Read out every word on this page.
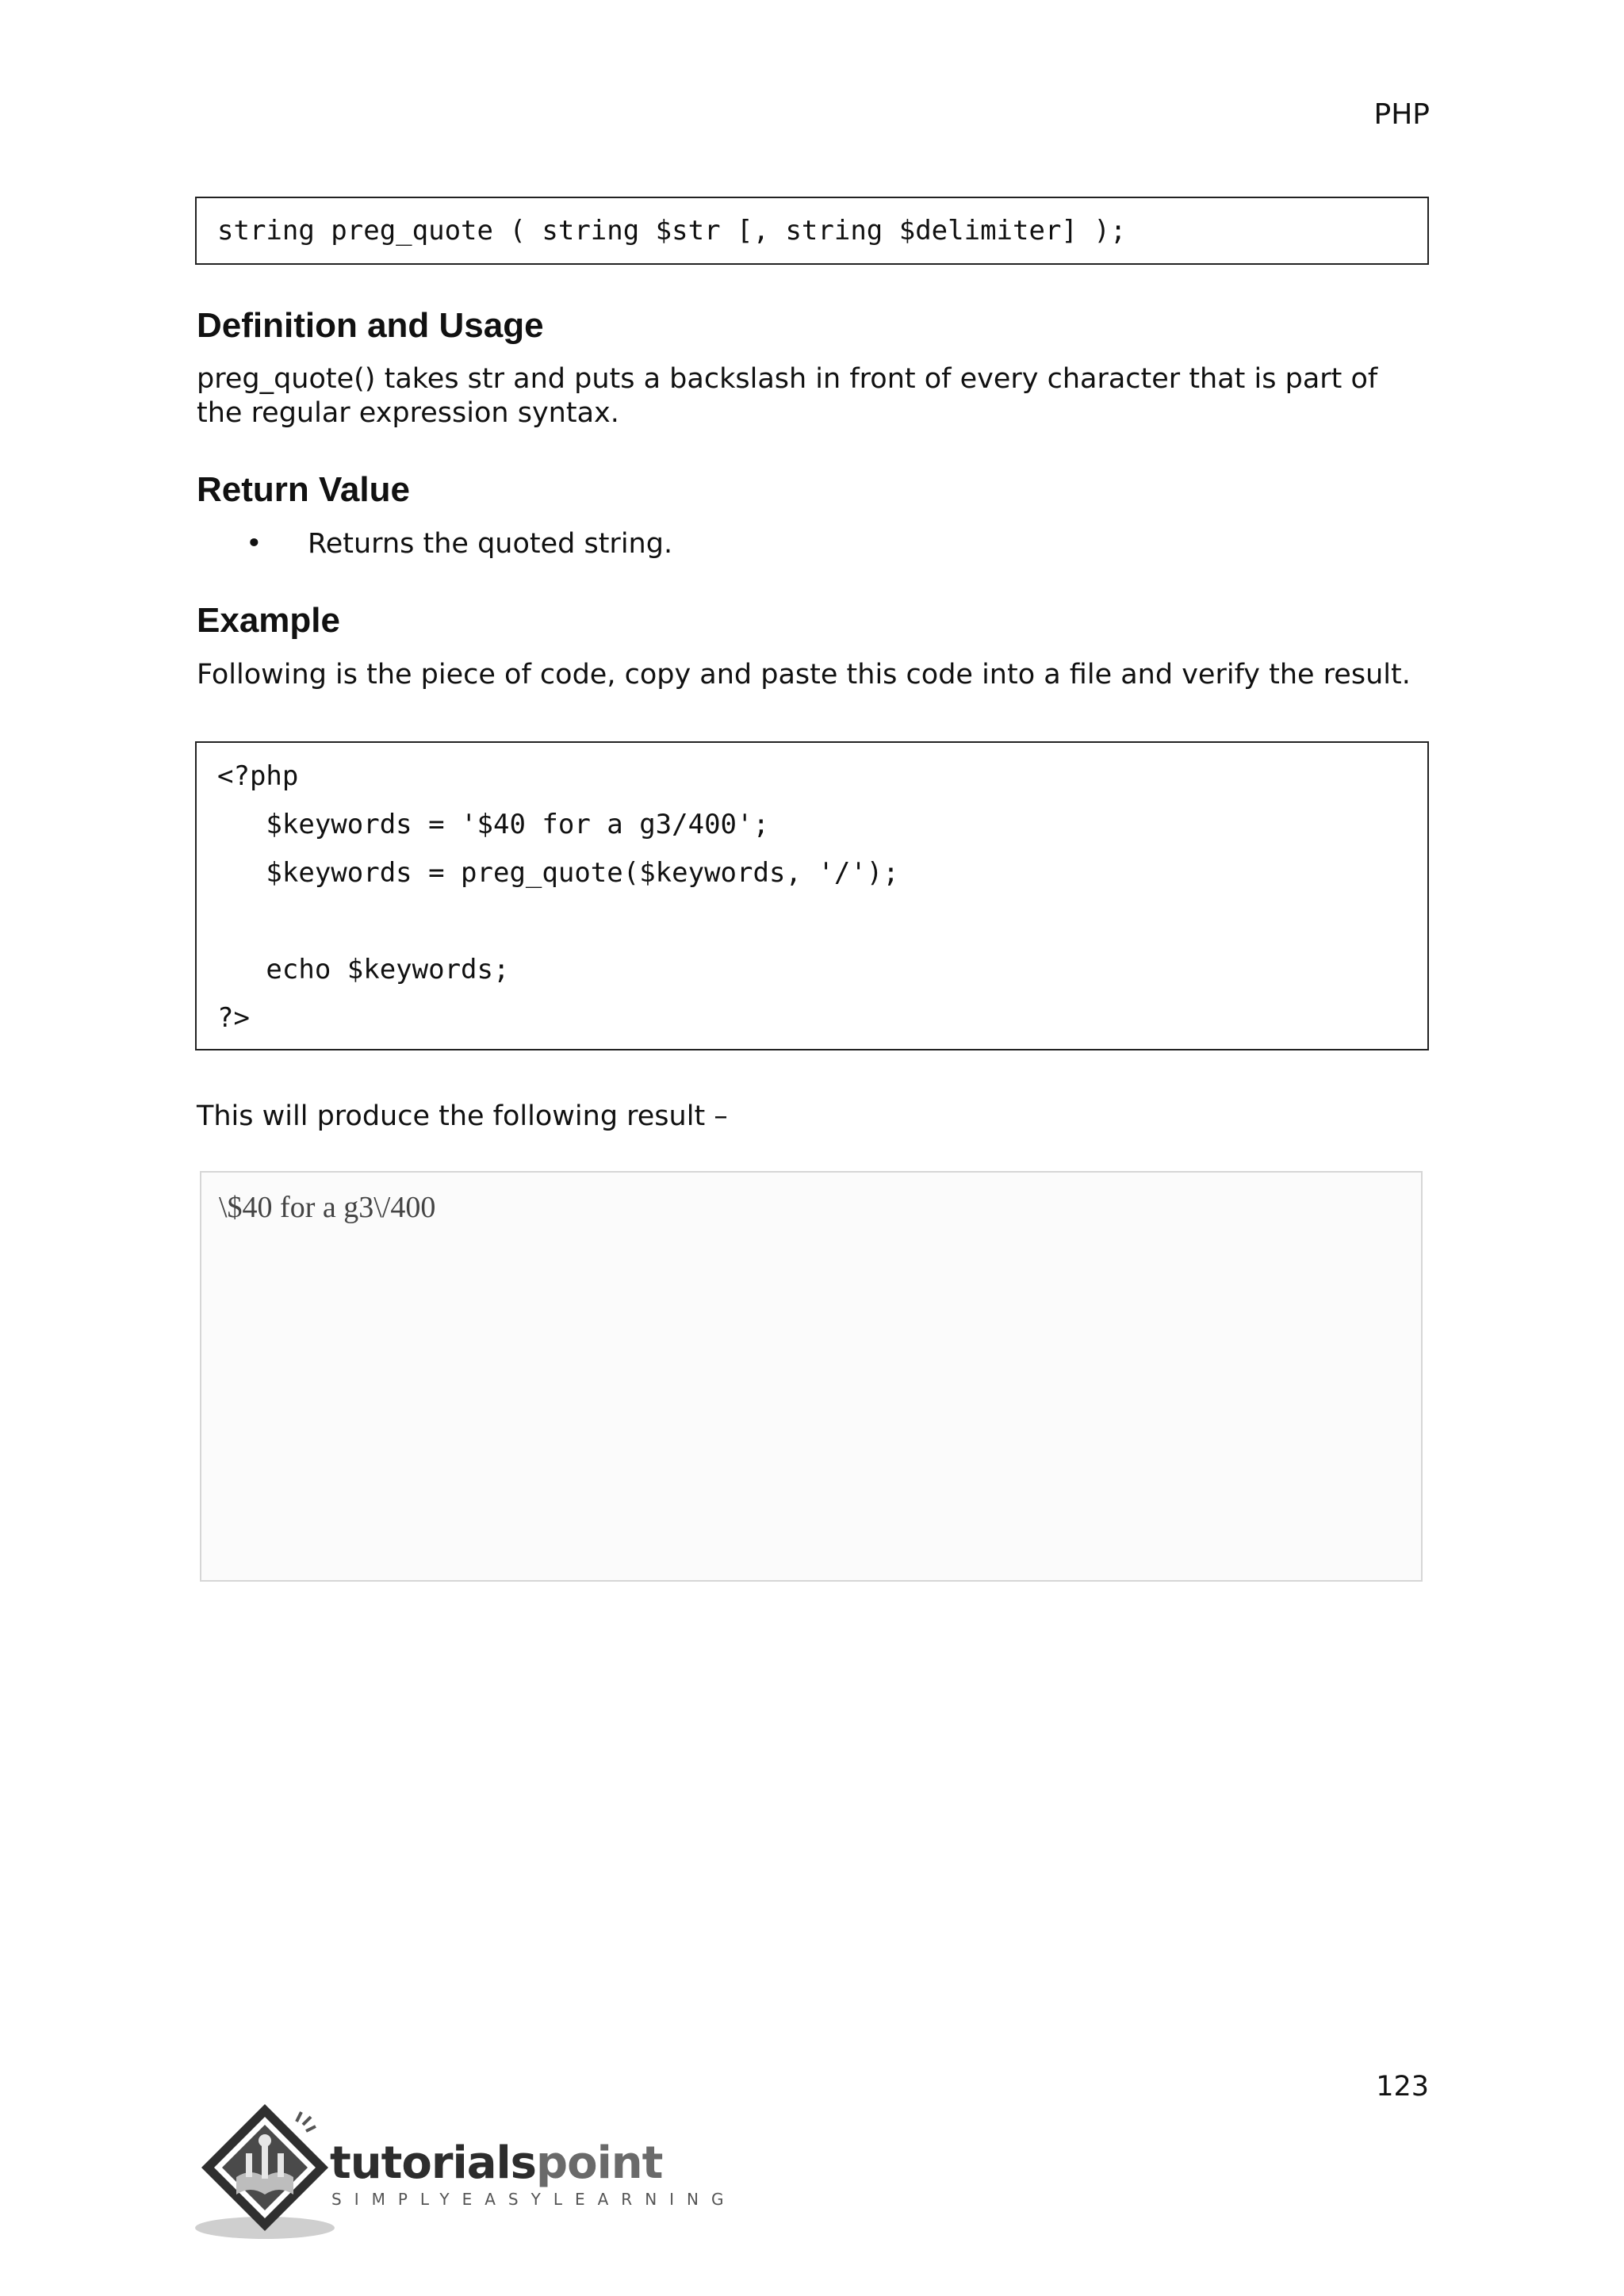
PHP
string preg_quote ( string $str [, string $delimiter] );
Definition and Usage

preg_quote() takes str and puts a backslash in front of every character that is part of the regular expression syntax.

Return Value
• Returns the quoted string.
Example

Following is the piece of code, copy and paste this code into a file and verify the result.

<?php
$keywords = '$40 for a g3/400';
$keywords = preg_quote($keywords, '/');
echo $keywords;
?>

This will produce the following result –

\$40 for a g3\/400
123
tutorialspoint
SIMPLYEASYLEARNING
